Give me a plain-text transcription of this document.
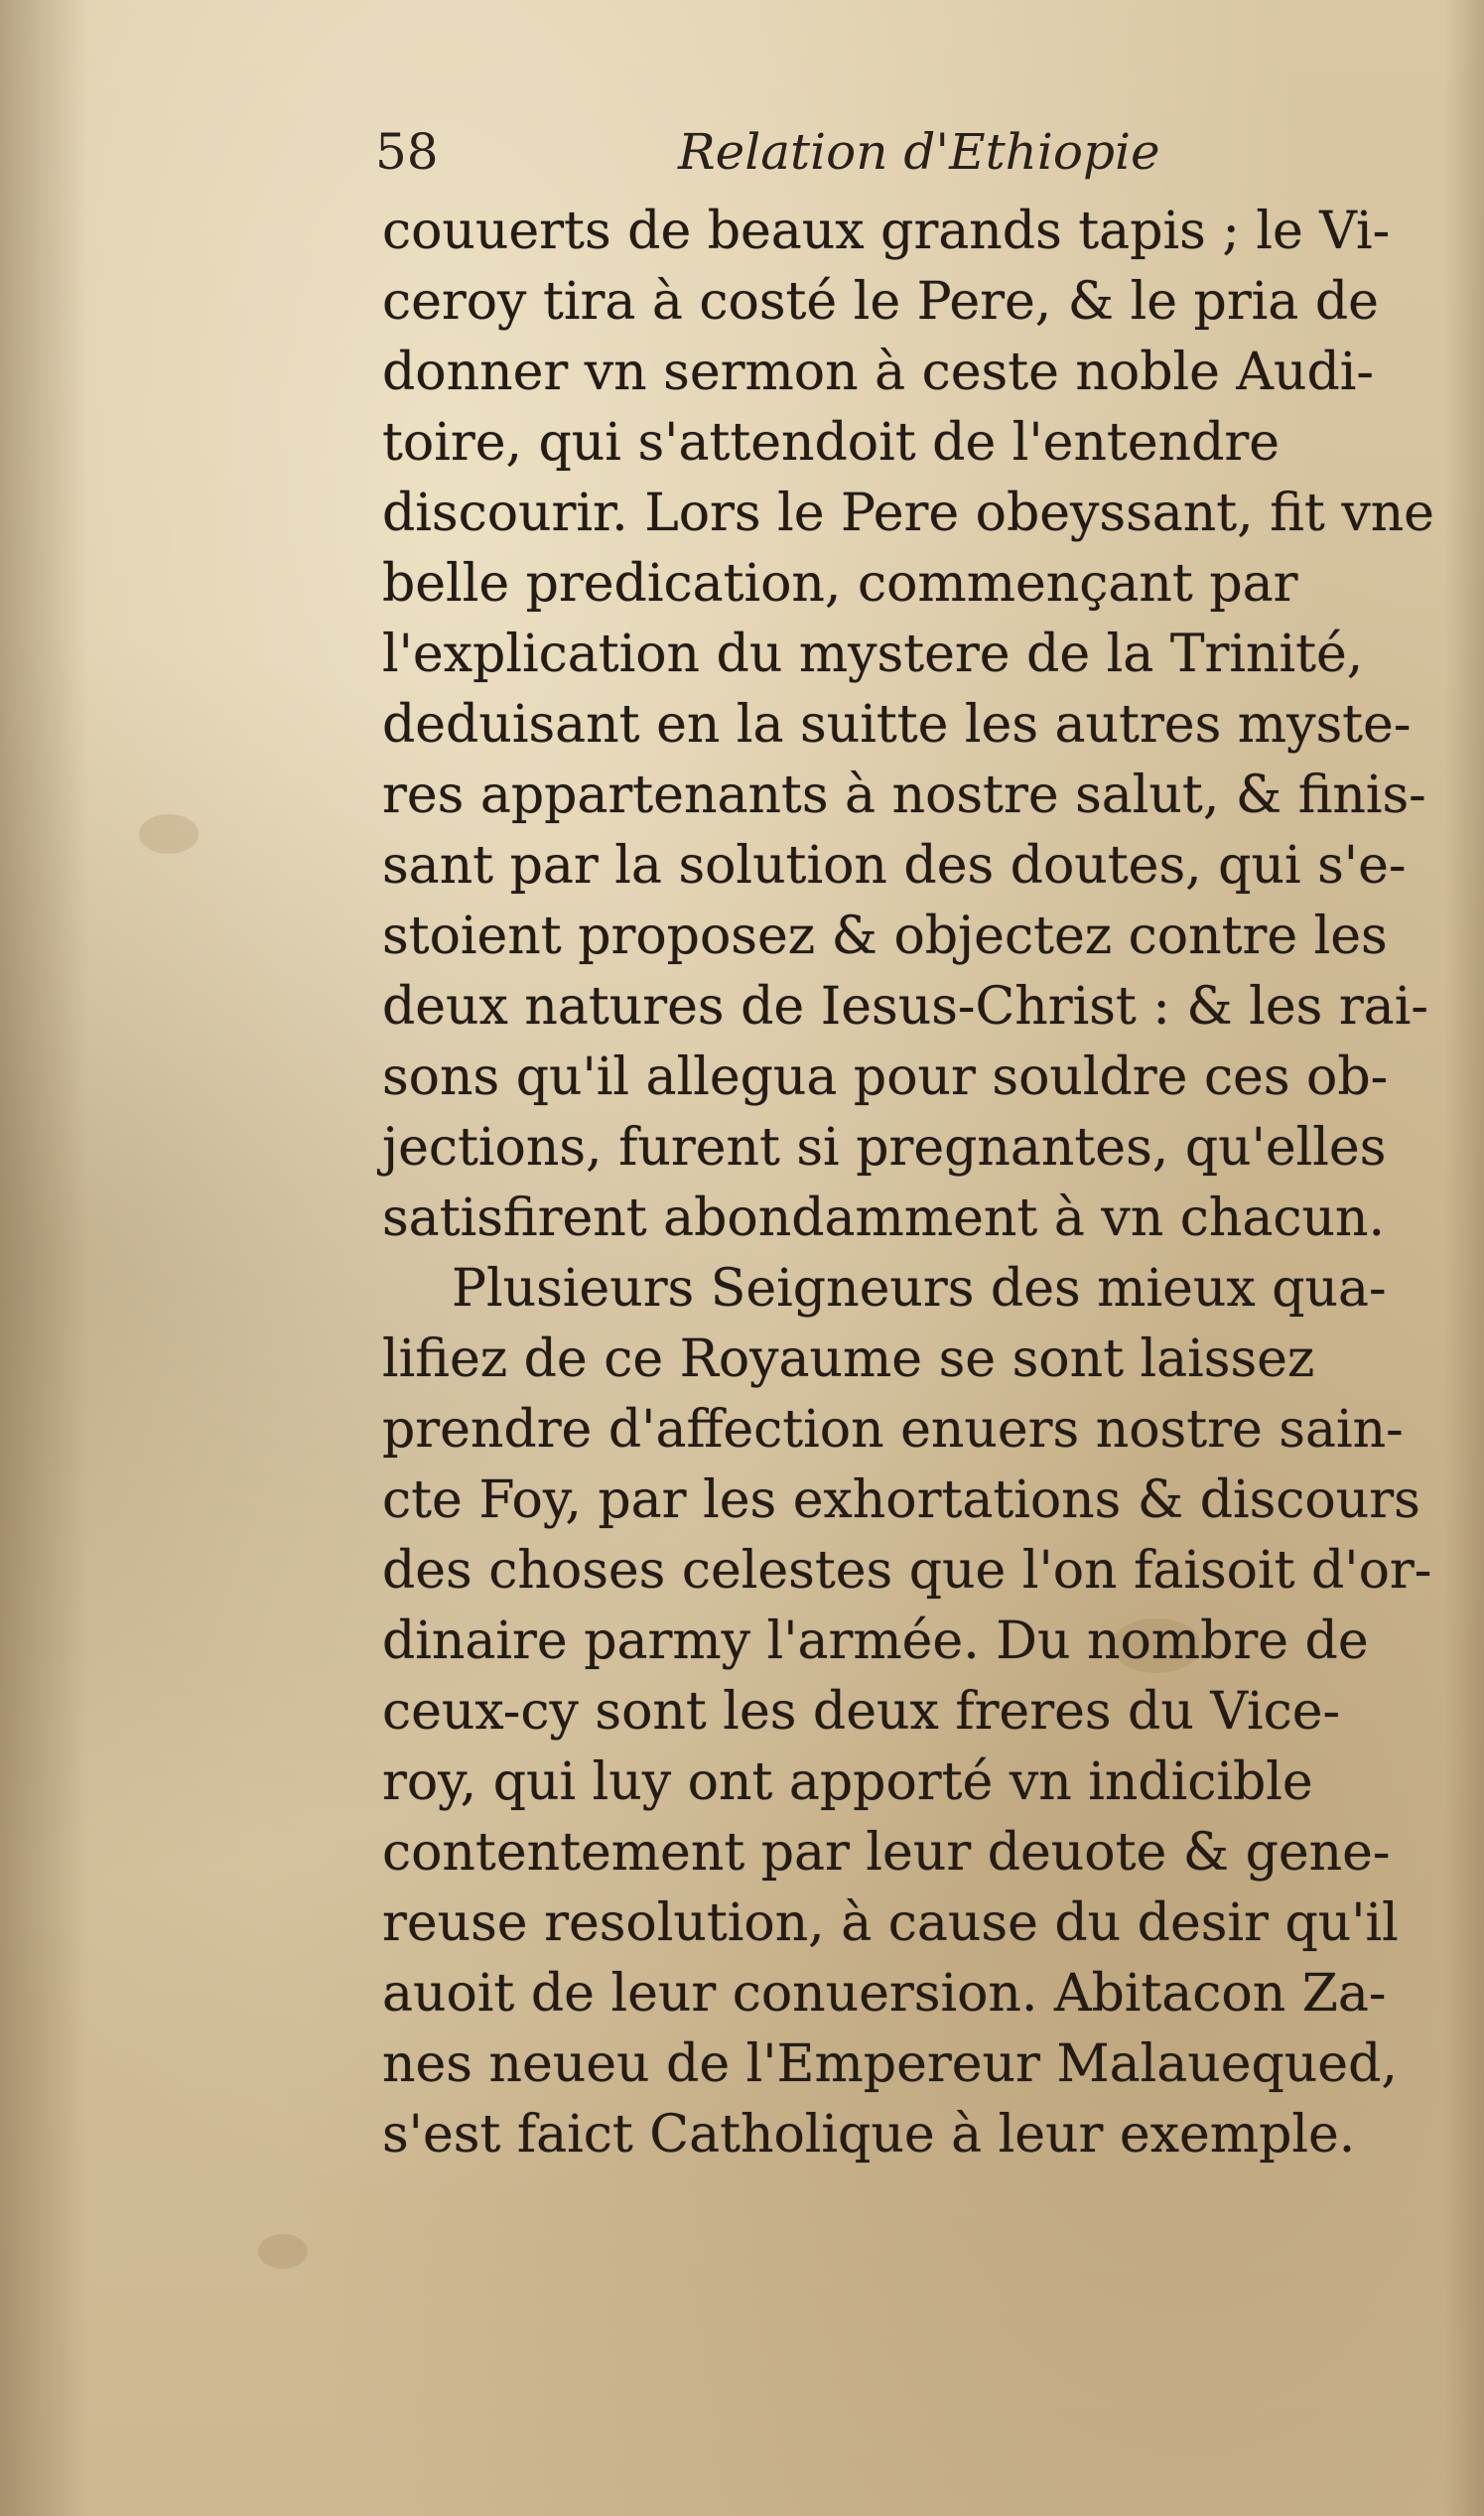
58	Relation d'Ethiopie
couuerts de beaux grands tapis ; le Vi-
ceroy tira à costé le Pere, & le pria de
donner vn sermon à ceste noble Audi-
toire, qui s'attendoit de l'entendre
discourir. Lors le Pere obeyssant, fit vne
belle predication, commençant par
l'explication du mystere de la Trinité,
deduisant en la suitte les autres myste-
res appartenants à nostre salut, & finis-
sant par la solution des doutes, qui s'e-
stoient proposez & objectez contre les
deux natures de Iesus-Christ : & les rai-
sons qu'il allegua pour souldre ces ob-
jections, furent si pregnantes, qu'elles
satisfirent abondamment à vn chacun.
Plusieurs Seigneurs des mieux qua-
lifiez de ce Royaume se sont laissez
prendre d'affection enuers nostre sain-
cte Foy, par les exhortations & discours
des choses celestes que l'on faisoit d'or-
dinaire parmy l'armée. Du nombre de
ceux-cy sont les deux freres du Vice-
roy, qui luy ont apporté vn indicible
contentement par leur deuote & gene-
reuse resolution, à cause du desir qu'il
auoit de leur conuersion. Abitacon Za-
nes neueu de l'Empereur Malauequed,
s'est faict Catholique à leur exemple.
